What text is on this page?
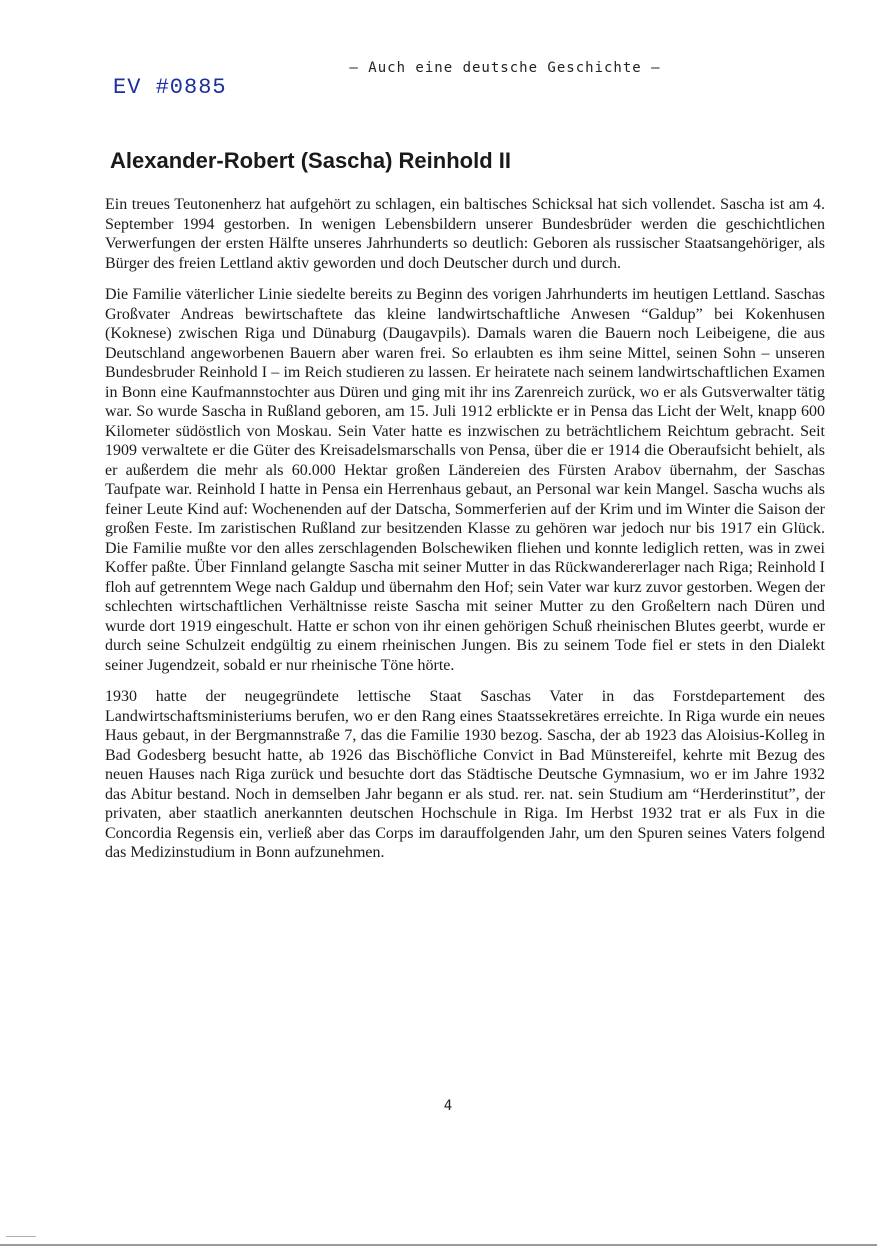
– Auch eine deutsche Geschichte –
EV #0885
Alexander-Robert (Sascha) Reinhold II

Ein treues Teutonenherz hat aufgehört zu schlagen, ein baltisches Schicksal hat sich vollendet. Sascha ist am 4. September 1994 gestorben. In wenigen Lebensbildern unserer Bundesbrüder werden die geschichtlichen Verwerfungen der ersten Hälfte unseres Jahrhunderts so deutlich: Geboren als russischer Staatsangehöriger, als Bürger des freien Lettland aktiv geworden und doch Deutscher durch und durch.

Die Familie väterlicher Linie siedelte bereits zu Beginn des vorigen Jahrhunderts im heutigen Lettland. Saschas Großvater Andreas bewirtschaftete das kleine landwirtschaftliche Anwesen “Galdup” bei Kokenhusen (Koknese) zwischen Riga und Dünaburg (Daugavpils). Damals waren die Bauern noch Leibeigene, die aus Deutschland angeworbenen Bauern aber waren frei. So erlaubten es ihm seine Mittel, seinen Sohn – unseren Bundesbruder Reinhold I – im Reich studieren zu lassen. Er heiratete nach seinem landwirtschaftlichen Examen in Bonn eine Kaufmannstochter aus Düren und ging mit ihr ins Zarenreich zurück, wo er als Gutsverwalter tätig war. So wurde Sascha in Rußland geboren, am 15. Juli 1912 erblickte er in Pensa das Licht der Welt, knapp 600 Kilometer südöstlich von Moskau. Sein Vater hatte es inzwischen zu beträchtlichem Reichtum gebracht. Seit 1909 verwaltete er die Güter des Kreisadelsmarschalls von Pensa, über die er 1914 die Oberaufsicht behielt, als er außerdem die mehr als 60.000 Hektar großen Ländereien des Fürsten Arabov übernahm, der Saschas Taufpate war. Reinhold I hatte in Pensa ein Herrenhaus gebaut, an Personal war kein Mangel. Sascha wuchs als feiner Leute Kind auf: Wochenenden auf der Datscha, Sommerferien auf der Krim und im Winter die Saison der großen Feste. Im zaristischen Rußland zur besitzenden Klasse zu gehören war jedoch nur bis 1917 ein Glück. Die Familie mußte vor den alles zerschlagenden Bolschewiken fliehen und konnte lediglich retten, was in zwei Koffer paßte. Über Finnland gelangte Sascha mit seiner Mutter in das Rückwandererlager nach Riga; Reinhold I floh auf getrenntem Wege nach Galdup und übernahm den Hof; sein Vater war kurz zuvor gestorben. Wegen der schlechten wirtschaftlichen Verhältnisse reiste Sascha mit seiner Mutter zu den Großeltern nach Düren und wurde dort 1919 eingeschult. Hatte er schon von ihr einen gehörigen Schuß rheinischen Blutes geerbt, wurde er durch seine Schulzeit endgültig zu einem rheinischen Jungen. Bis zu seinem Tode fiel er stets in den Dialekt seiner Jugendzeit, sobald er nur rheinische Töne hörte.

1930 hatte der neugegründete lettische Staat Saschas Vater in das Forstdepartement des Landwirtschaftsministeriums berufen, wo er den Rang eines Staatssekretäres erreichte. In Riga wurde ein neues Haus gebaut, in der Bergmannstraße 7, das die Familie 1930 bezog. Sascha, der ab 1923 das Aloisius-Kolleg in Bad Godesberg besucht hatte, ab 1926 das Bischöfliche Convict in Bad Münstereifel, kehrte mit Bezug des neuen Hauses nach Riga zurück und besuchte dort das Städtische Deutsche Gymnasium, wo er im Jahre 1932 das Abitur bestand. Noch in demselben Jahr begann er als stud. rer. nat. sein Studium am “Herderinstitut”, der privaten, aber staatlich anerkannten deutschen Hochschule in Riga. Im Herbst 1932 trat er als Fux in die Concordia Regensis ein, verließ aber das Corps im darauffolgenden Jahr, um den Spuren seines Vaters folgend das Medizinstudium in Bonn aufzunehmen.

4
